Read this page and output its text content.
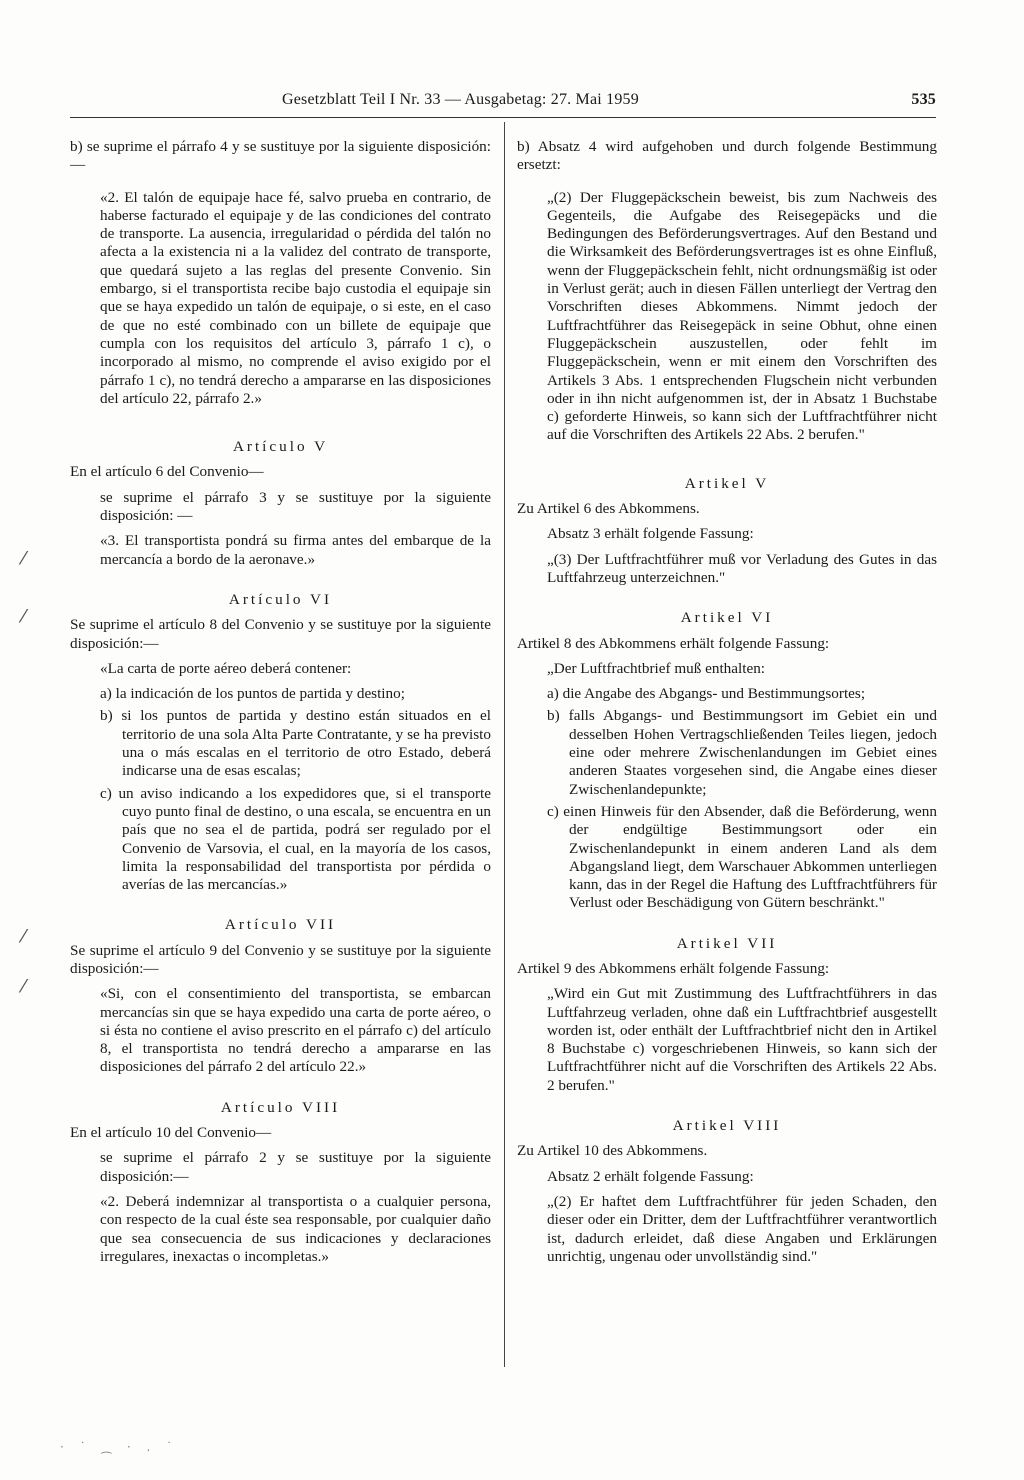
Gesetzblatt Teil I Nr. 33 — Ausgabetag: 27. Mai 1959	535
⁄
⁄
⁄
⁄
· ˙ ⁔ · . ˙

b) se suprime el párrafo 4 y se sustituye por la siguiente disposición:—

«2. El talón de equipaje hace fé, salvo prueba en contrario, de haberse facturado el equipaje y de las condiciones del contrato de transporte. La ausencia, irregularidad o pérdida del talón no afecta a la existencia ni a la validez del contrato de transporte, que quedará sujeto a las reglas del presente Convenio. Sin embargo, si el transportista recibe bajo custodia el equipaje sin que se haya expedido un talón de equipaje, o si este, en el caso de que no esté combinado con un billete de equipaje que cumpla con los requisitos del artículo 3, párrafo 1 c), o incorporado al mismo, no comprende el aviso exigido por el párrafo 1 c), no tendrá derecho a ampararse en las disposiciones del artículo 22, párrafo 2.»

Artículo V

En el artículo 6 del Convenio—

se suprime el párrafo 3 y se sustituye por la siguiente disposición: —

«3. El transportista pondrá su firma antes del embarque de la mercancía a bordo de la aeronave.»

Artículo VI

Se suprime el artículo 8 del Convenio y se sustituye por la siguiente disposición:—

«La carta de porte aéreo deberá contener:

a) la indicación de los puntos de partida y destino;

b) si los puntos de partida y destino están situados en el territorio de una sola Alta Parte Contratante, y se ha previsto una o más escalas en el territorio de otro Estado, deberá indicarse una de esas escalas;

c) un aviso indicando a los expedidores que, si el transporte cuyo punto final de destino, o una escala, se encuentra en un país que no sea el de partida, podrá ser regulado por el Convenio de Varsovia, el cual, en la mayoría de los casos, limita la responsabilidad del transportista por pérdida o averías de las mercancías.»

Artículo VII

Se suprime el artículo 9 del Convenio y se sustituye por la siguiente disposición:—

«Si, con el consentimiento del transportista, se embarcan mercancías sin que se haya expedido una carta de porte aéreo, o si ésta no contiene el aviso prescrito en el párrafo c) del artículo 8, el transportista no tendrá derecho a ampararse en las disposiciones del párrafo 2 del artículo 22.»

Artículo VIII

En el artículo 10 del Convenio—

se suprime el párrafo 2 y se sustituye por la siguiente disposición:—

«2. Deberá indemnizar al transportista o a cualquier persona, con respecto de la cual éste sea responsable, por cualquier daño que sea consecuencia de sus indicaciones y declaraciones irregulares, inexactas o incompletas.»

b) Absatz 4 wird aufgehoben und durch folgende Bestimmung ersetzt:

„(2) Der Fluggepäckschein beweist, bis zum Nachweis des Gegenteils, die Aufgabe des Reisegepäcks und die Bedingungen des Beförderungsvertrages. Auf den Bestand und die Wirksamkeit des Beförderungsvertrages ist es ohne Einfluß, wenn der Fluggepäckschein fehlt, nicht ordnungsmäßig ist oder in Verlust gerät; auch in diesen Fällen unterliegt der Vertrag den Vorschriften dieses Abkommens. Nimmt jedoch der Luftfrachtführer das Reisegepäck in seine Obhut, ohne einen Fluggepäckschein auszustellen, oder fehlt im Fluggepäckschein, wenn er mit einem den Vorschriften des Artikels 3 Abs. 1 entsprechenden Flugschein nicht verbunden oder in ihn nicht aufgenommen ist, der in Absatz 1 Buchstabe c) geforderte Hinweis, so kann sich der Luftfrachtführer nicht auf die Vorschriften des Artikels 22 Abs. 2 berufen."

Artikel V

Zu Artikel 6 des Abkommens.

Absatz 3 erhält folgende Fassung:

„(3) Der Luftfrachtführer muß vor Verladung des Gutes in das Luftfahrzeug unterzeichnen."

Artikel VI

Artikel 8 des Abkommens erhält folgende Fassung:

„Der Luftfrachtbrief muß enthalten:

a) die Angabe des Abgangs- und Bestimmungsortes;

b) falls Abgangs- und Bestimmungsort im Gebiet ein und desselben Hohen Vertragschließenden Teiles liegen, jedoch eine oder mehrere Zwischenlandungen im Gebiet eines anderen Staates vorgesehen sind, die Angabe eines dieser Zwischenlandepunkte;

c) einen Hinweis für den Absender, daß die Beförderung, wenn der endgültige Bestimmungsort oder ein Zwischenlandepunkt in einem anderen Land als dem Abgangsland liegt, dem Warschauer Abkommen unterliegen kann, das in der Regel die Haftung des Luftfrachtführers für Verlust oder Beschädigung von Gütern beschränkt."

Artikel VII

Artikel 9 des Abkommens erhält folgende Fassung:

„Wird ein Gut mit Zustimmung des Luftfrachtführers in das Luftfahrzeug verladen, ohne daß ein Luftfrachtbrief ausgestellt worden ist, oder enthält der Luftfrachtbrief nicht den in Artikel 8 Buchstabe c) vorgeschriebenen Hinweis, so kann sich der Luftfrachtführer nicht auf die Vorschriften des Artikels 22 Abs. 2 berufen."

Artikel VIII

Zu Artikel 10 des Abkommens.

Absatz 2 erhält folgende Fassung:

„(2) Er haftet dem Luftfrachtführer für jeden Schaden, den dieser oder ein Dritter, dem der Luftfrachtführer verantwortlich ist, dadurch erleidet, daß diese Angaben und Erklärungen unrichtig, ungenau oder unvollständig sind."
